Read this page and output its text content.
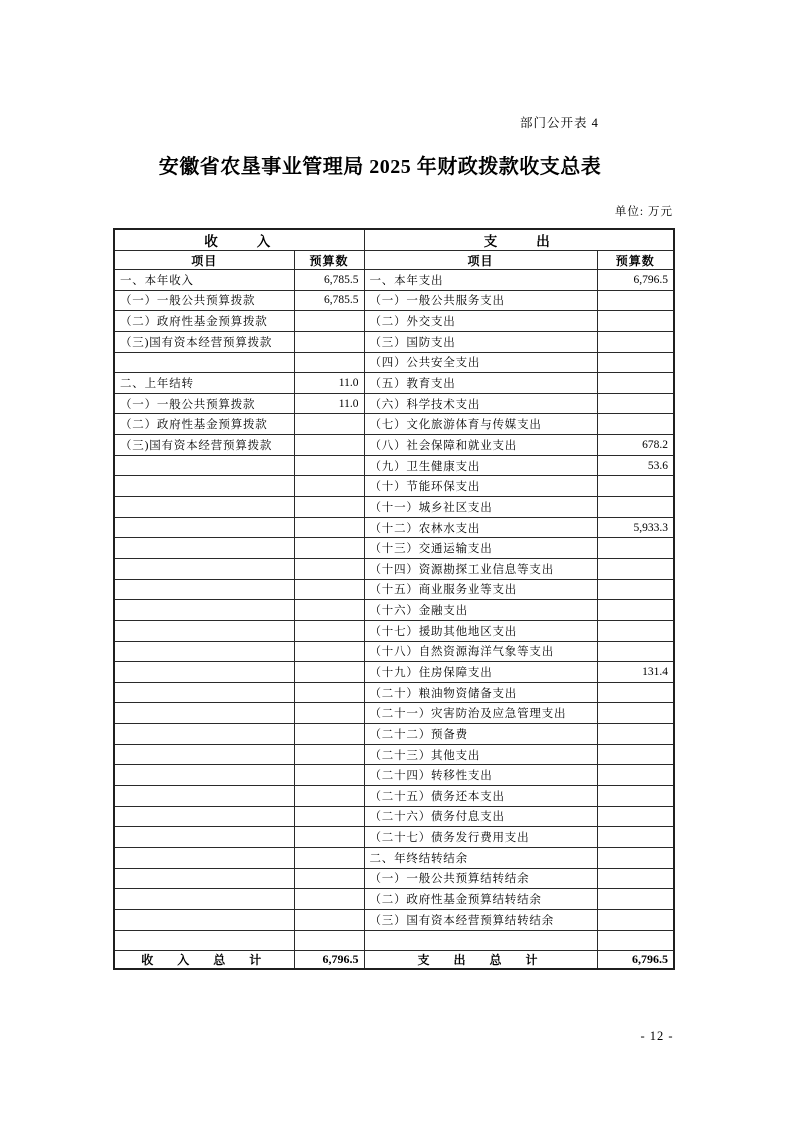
部门公开表 4
安徽省农垦事业管理局 2025 年财政拨款收支总表
单位: 万元
收　　入		支　　出	
项目	预算数	项目	预算数
一、本年收入	6,785.5	一、本年支出	6,796.5
（一）一般公共预算拨款	6,785.5	（一）一般公共服务支出	
（二）政府性基金预算拨款		（二）外交支出	
（三)国有资本经营预算拨款		（三）国防支出	
		（四）公共安全支出	
二、上年结转	11.0	（五）教育支出	
（一）一般公共预算拨款	11.0	（六）科学技术支出	
（二）政府性基金预算拨款		（七）文化旅游体育与传媒支出	
（三)国有资本经营预算拨款		（八）社会保障和就业支出	678.2
		（九）卫生健康支出	53.6
		（十）节能环保支出	
		（十一）城乡社区支出	
		（十二）农林水支出	5,933.3
		（十三）交通运输支出	
		（十四）资源勘探工业信息等支出	
		（十五）商业服务业等支出	
		（十六）金融支出	
		（十七）援助其他地区支出	
		（十八）自然资源海洋气象等支出	
		（十九）住房保障支出	131.4
		（二十）粮油物资储备支出	
		（二十一）灾害防治及应急管理支出	
		（二十二）预备费	
		（二十三）其他支出	
		（二十四）转移性支出	
		（二十五）债务还本支出	
		（二十六）债务付息支出	
		（二十七）债务发行费用支出	
		二、年终结转结余	
		（一）一般公共预算结转结余	
		（二）政府性基金预算结转结余	
		（三）国有资本经营预算结转结余	

收　入　总　计	6,796.5	支　出　总　计	6,796.5
- 12 -
